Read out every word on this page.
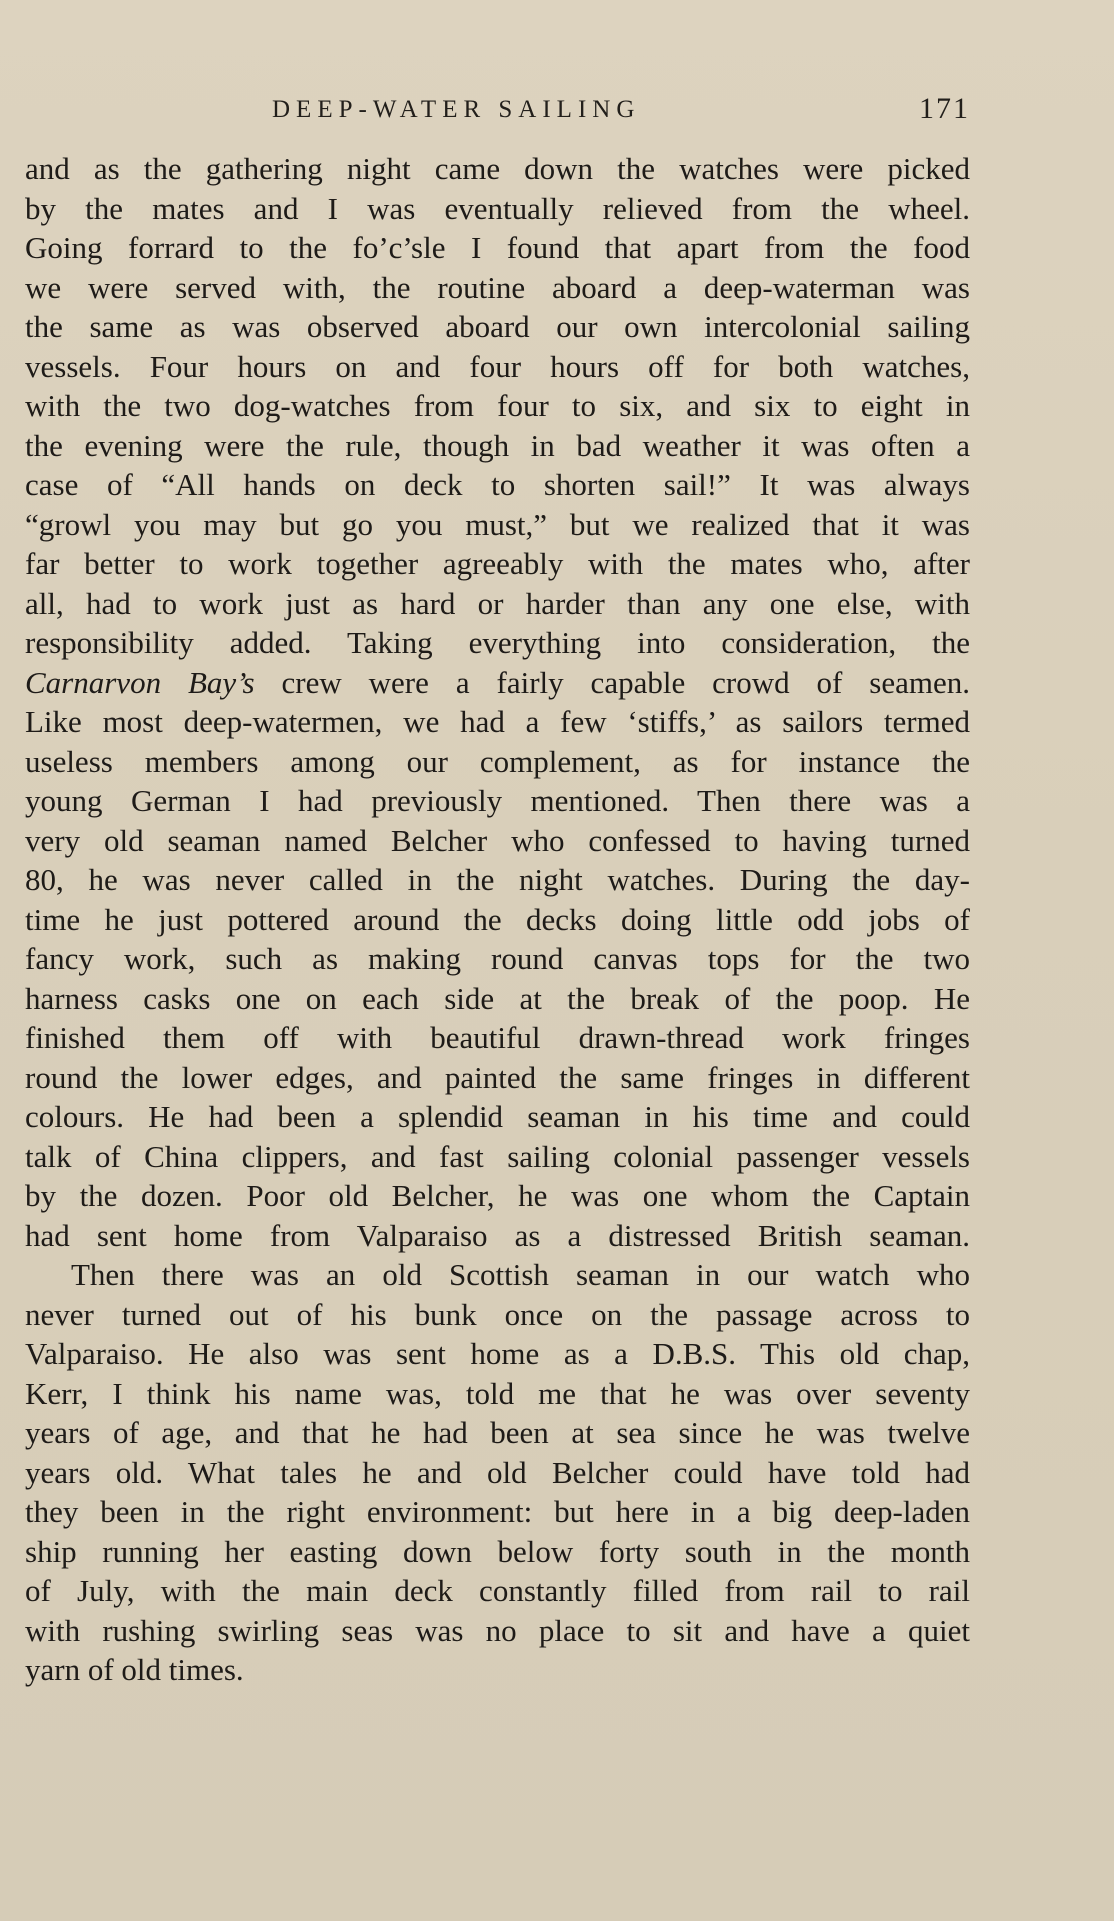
DEEP-WATER SAILING	171
and as the gathering night came down the watches were picked
by the mates and I was eventually relieved from the wheel.
Going forrard to the fo’c’sle I found that apart from the food
we were served with, the routine aboard a deep-waterman was
the same as was observed aboard our own intercolonial sailing
vessels. Four hours on and four hours off for both watches,
with the two dog-watches from four to six, and six to eight in
the evening were the rule, though in bad weather it was often a
case of “All hands on deck to shorten sail!” It was always
“growl you may but go you must,” but we realized that it was
far better to work together agreeably with the mates who, after
all, had to work just as hard or harder than any one else, with
responsibility added. Taking everything into consideration, the
Carnarvon Bay’s crew were a fairly capable crowd of seamen.
Like most deep-watermen, we had a few ‘stiffs,’ as sailors termed
useless members among our complement, as for instance the
young German I had previously mentioned. Then there was a
very old seaman named Belcher who confessed to having turned
80, he was never called in the night watches. During the day-
time he just pottered around the decks doing little odd jobs of
fancy work, such as making round canvas tops for the two
harness casks one on each side at the break of the poop. He
finished them off with beautiful drawn-thread work fringes
round the lower edges, and painted the same fringes in different
colours. He had been a splendid seaman in his time and could
talk of China clippers, and fast sailing colonial passenger vessels
by the dozen. Poor old Belcher, he was one whom the Captain
had sent home from Valparaiso as a distressed British seaman.
Then there was an old Scottish seaman in our watch who
never turned out of his bunk once on the passage across to
Valparaiso. He also was sent home as a D.B.S. This old chap,
Kerr, I think his name was, told me that he was over seventy
years of age, and that he had been at sea since he was twelve
years old. What tales he and old Belcher could have told had
they been in the right environment: but here in a big deep-laden
ship running her easting down below forty south in the month
of July, with the main deck constantly filled from rail to rail
with rushing swirling seas was no place to sit and have a quiet
yarn of old times.
